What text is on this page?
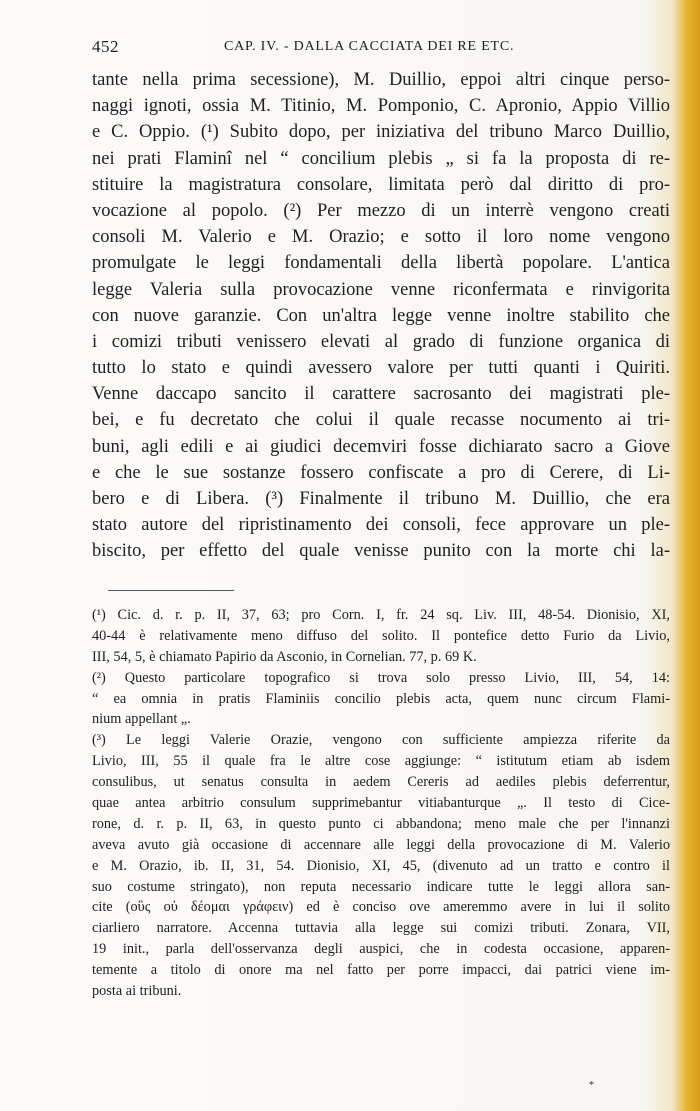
452	CAP. IV. - DALLA CACCIATA DEI RE ETC.
tante nella prima secessione), M. Duillio, eppoi altri cinque perso-
naggi ignoti, ossia M. Titinio, M. Pomponio, C. Apronio, Appio Villio
e C. Oppio. (¹) Subito dopo, per iniziativa del tribuno Marco Duillio,
nei prati Flaminî nel “ concilium plebis „ si fa la proposta di re-
stituire la magistratura consolare, limitata però dal diritto di pro-
vocazione al popolo. (²) Per mezzo di un interrè vengono creati
consoli M. Valerio e M. Orazio; e sotto il loro nome vengono
promulgate le leggi fondamentali della libertà popolare. L'antica
legge Valeria sulla provocazione venne riconfermata e rinvigorita
con nuove garanzie. Con un'altra legge venne inoltre stabilito che
i comizi tributi venissero elevati al grado di funzione organica di
tutto lo stato e quindi avessero valore per tutti quanti i Quiriti.
Venne daccapo sancito il carattere sacrosanto dei magistrati ple-
bei, e fu decretato che colui il quale recasse nocumento ai tri-
buni, agli edili e ai giudici decemviri fosse dichiarato sacro a Giove
e che le sue sostanze fossero confiscate a pro di Cerere, di Li-
bero e di Libera. (³) Finalmente il tribuno M. Duillio, che era
stato autore del ripristinamento dei consoli, fece approvare un ple-
biscito, per effetto del quale venisse punito con la morte chi la-
(¹) Cic. d. r. p. II, 37, 63; pro Corn. I, fr. 24 sq. Liv. III, 48-54. Dionisio, XI,
40-44 è relativamente meno diffuso del solito. Il pontefice detto Furio da Livio,
III, 54, 5, è chiamato Papirio da Asconio, in Cornelian. 77, p. 69 K.
(²) Questo particolare topografico si trova solo presso Livio, III, 54, 14:
“ ea omnia in pratis Flaminiis concilio plebis acta, quem nunc circum Flami-
nium appellant „.
(³) Le leggi Valerie Orazie, vengono con sufficiente ampiezza riferite da
Livio, III, 55 il quale fra le altre cose aggiunge: “ istitutum etiam ab isdem
consulibus, ut senatus consulta in aedem Cereris ad aediles plebis deferrentur,
quae antea arbitrio consulum supprimebantur vitiabanturque „. Il testo di Cice-
rone, d. r. p. II, 63, in questo punto ci abbandona; meno male che per l'innanzi
aveva avuto già occasione di accennare alle leggi della provocazione di M. Valerio
e M. Orazio, ib. II, 31, 54. Dionisio, XI, 45, (divenuto ad un tratto e contro il
suo costume stringato), non reputa necessario indicare tutte le leggi allora san-
cite (οὓς οὐ δέομαι γράφειν) ed è conciso ove ameremmo avere in lui il solito
ciarliero narratore. Accenna tuttavia alla legge sui comizi tributi. Zonara, VII,
19 init., parla dell'osservanza degli auspici, che in codesta occasione, apparen-
temente a titolo di onore ma nel fatto per porre impacci, dai patrici viene im-
posta ai tribuni.
*
